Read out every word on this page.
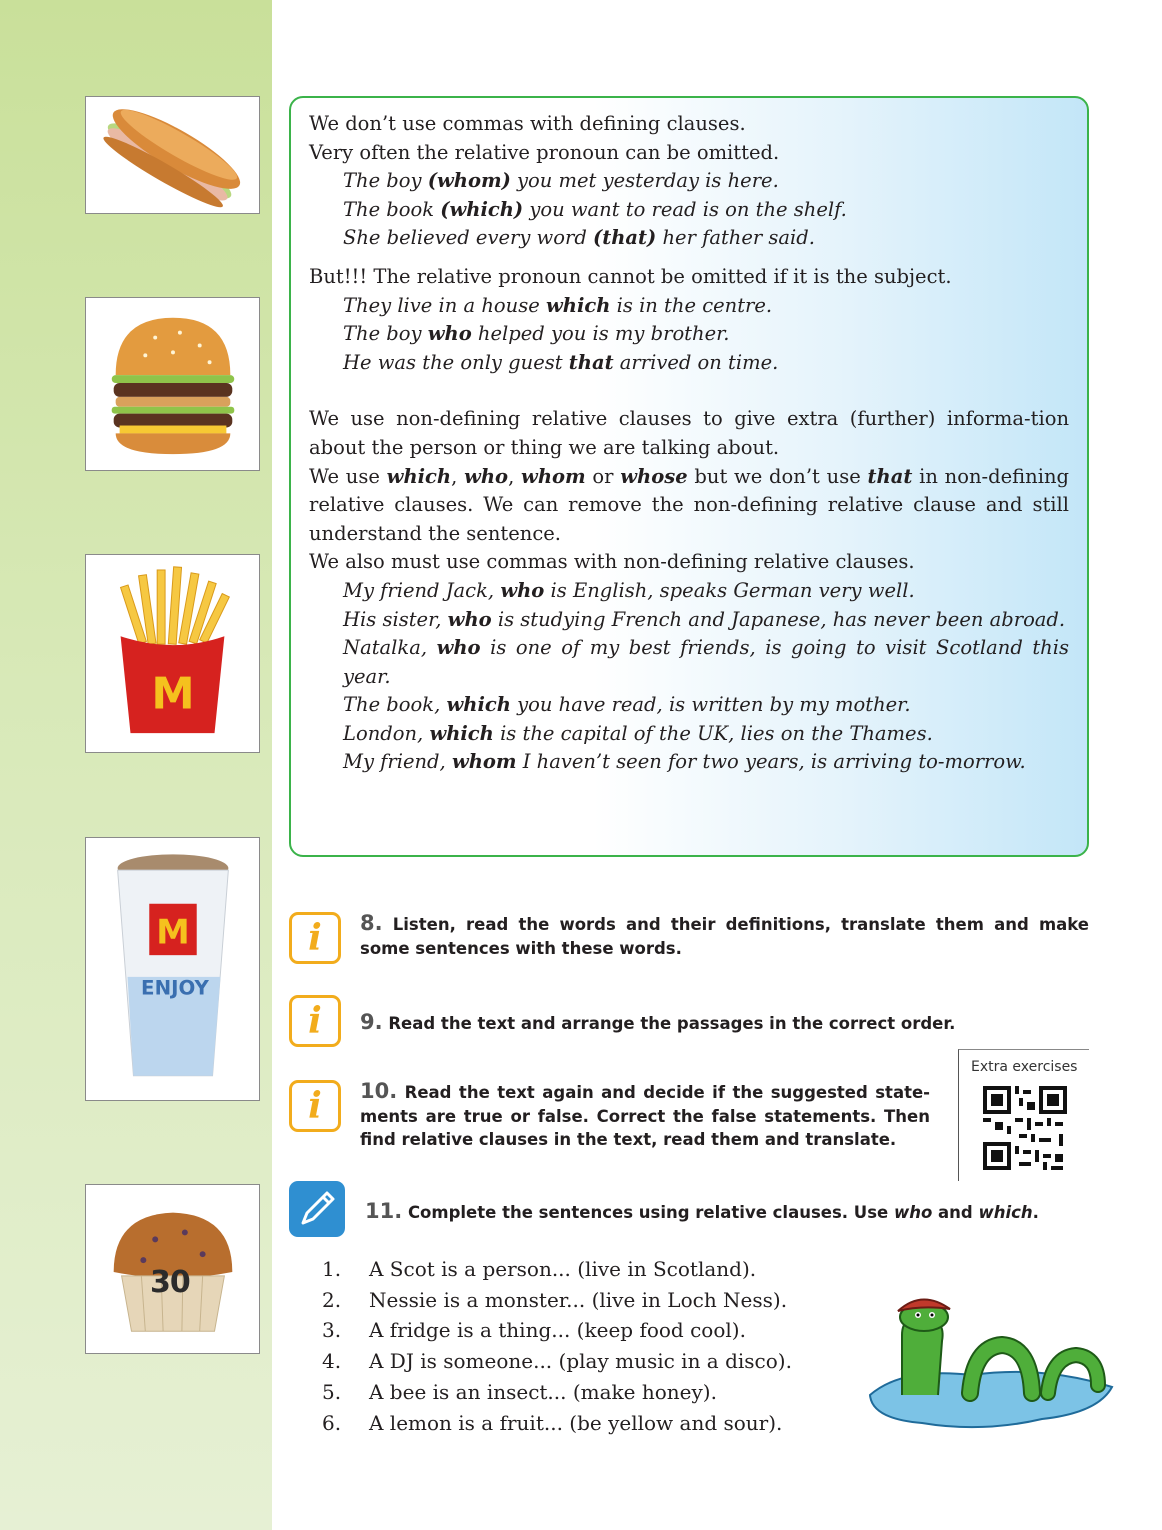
M
M
ENJOY
30

We don’t use commas with defining clauses.

Very often the relative pronoun can be omitted.

The boy (whom) you met yesterday is here.

The book (which) you want to read is on the shelf.

She believed every word (that) her father said.

But!!! The relative pronoun cannot be omitted if it is the subject.

They live in a house which is in the centre.

The boy who helped you is my brother.

He was the only guest that arrived on time.

We use non-defining relative clauses to give extra (further) informa-tion about the person or thing we are talking about.

We use which, who, whom or whose but we don’t use that in non-defining relative clauses. We can remove the non-defining relative clause and still understand the sentence.

We also must use commas with non-defining relative clauses.

My friend Jack, who is English, speaks German very well.

His sister, who is studying French and Japanese, has never been abroad.

Natalka, who is one of my best friends, is going to visit Scotland this year.

The book, which you have read, is written by my mother.

London, which is the capital of the UK, lies on the Thames.

My friend, whom I haven’t seen for two years, is arriving to-morrow.

i	8. Listen, read the words and their definitions, translate them and make some sentences with these words.
i	9. Read the text and arrange the passages in the correct order.
i	10. Read the text again and decide if the suggested state-ments are true or false. Correct the false statements. Then find relative clauses in the text, read them and translate.
Extra exercises
11. Complete the sentences using relative clauses. Use who and which.
1. A Scot is a person... (live in Scotland).
2. Nessie is a monster... (live in Loch Ness).
3. A fridge is a thing... (keep food cool).
4. A DJ is someone... (play music in a disco).
5. A bee is an insect... (make honey).
6. A lemon is a fruit... (be yellow and sour).
